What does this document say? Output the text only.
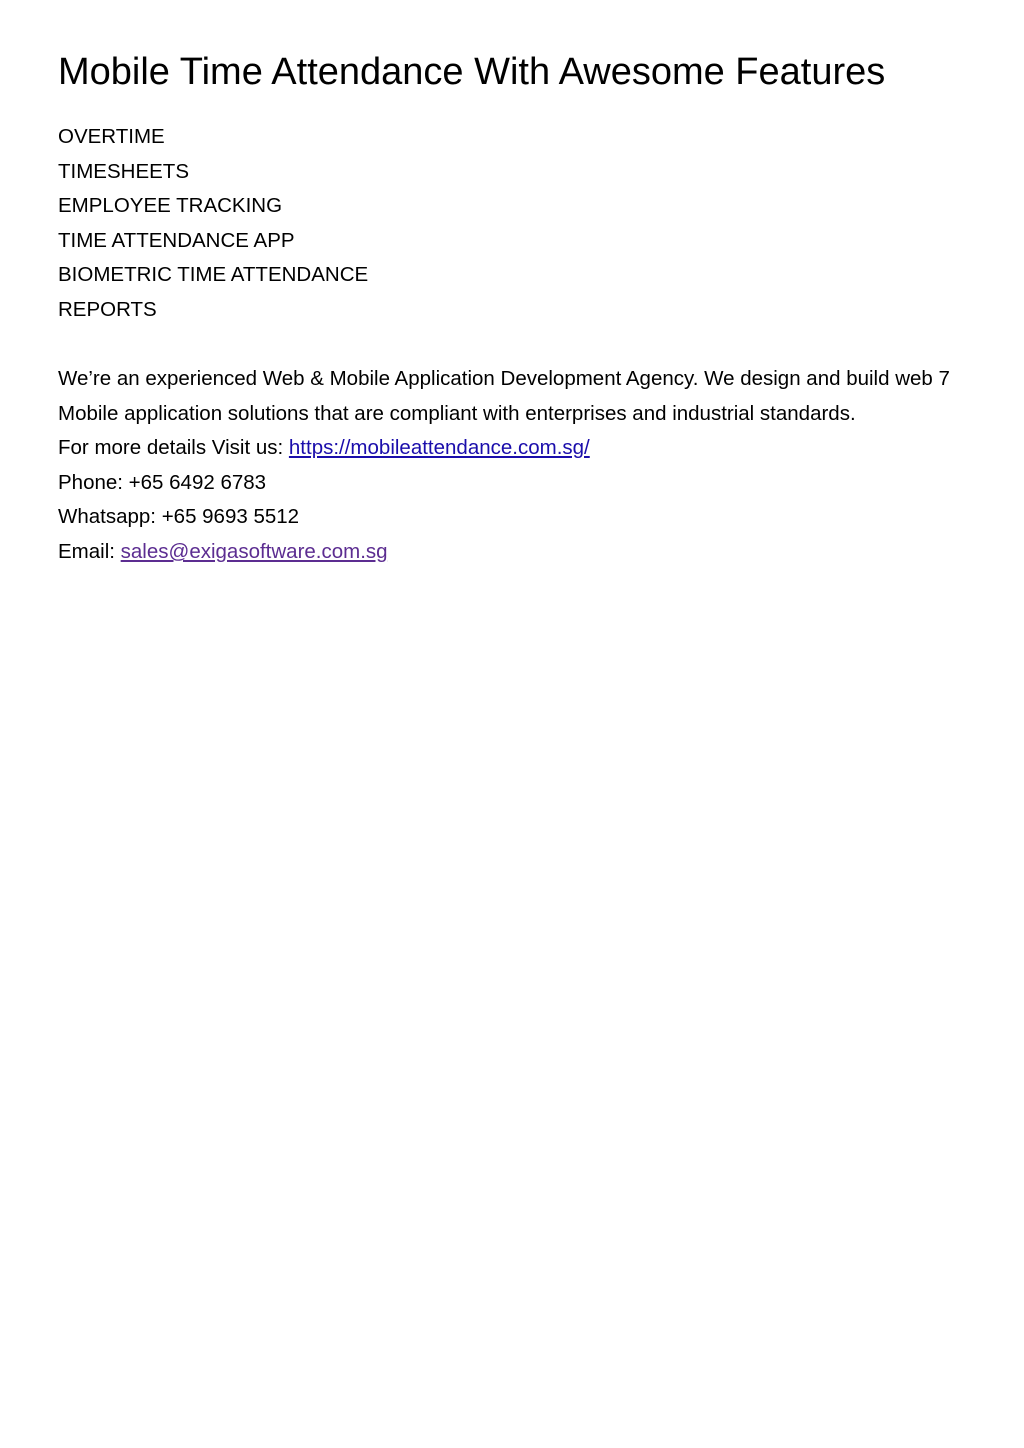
Mobile Time Attendance With Awesome Features
OVERTIME
TIMESHEETS
EMPLOYEE TRACKING
TIME ATTENDANCE APP
BIOMETRIC TIME ATTENDANCE
REPORTS

We’re an experienced Web & Mobile Application Development Agency. We design and build web 7 Mobile application solutions that are compliant with enterprises and industrial standards.

For more details Visit us: https://mobileattendance.com.sg/

Phone: +65 6492 6783

Whatsapp: +65 9693 5512

Email: sales@exigasoftware.com.sg
